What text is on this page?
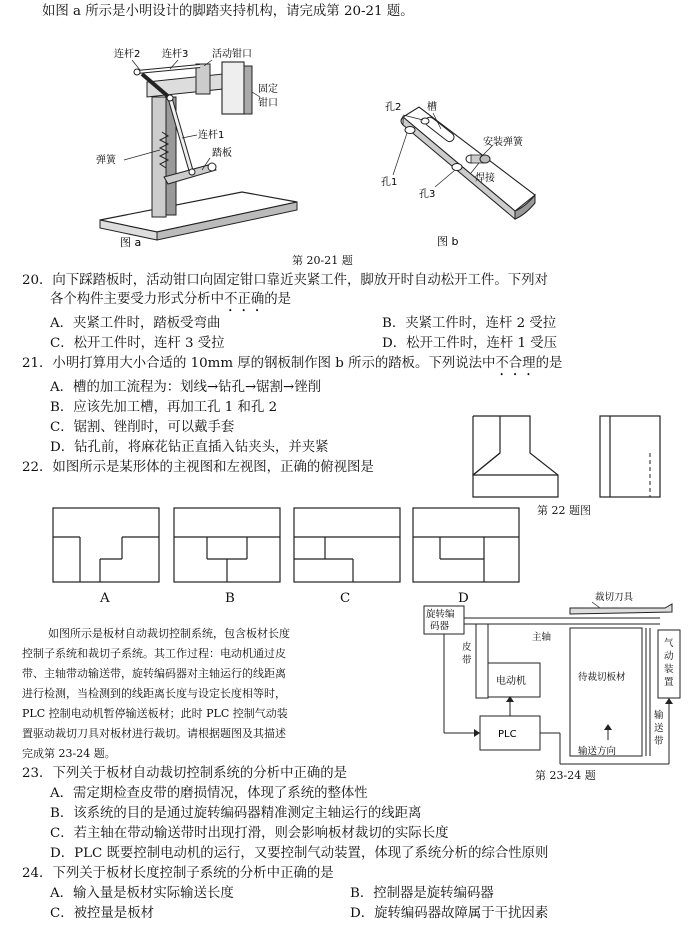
如图 a 所示是小明设计的脚踏夹持机构，请完成第 20-21 题。
连杆2 连杆3 活动钳口
固定
钳口
连杆1
弹簧
踏板
图 a
孔2	槽
安装弹簧
焊接
孔1
孔3
图 b
第 20-21 题
20．向下踩踏板时，活动钳口向固定钳口靠近夹紧工件，脚放开时自动松开工件。下列对
各个构件主要受力形式分析中不正确的是
A．夹紧工件时，踏板受弯曲	B．夹紧工件时，连杆 2 受拉
C．松开工件时，连杆 3 受拉	D．松开工件时，连杆 1 受压
21．小明打算用大小合适的 10mm 厚的钢板制作图 b 所示的踏板。下列说法中不合理的是
A．槽的加工流程为：划线→钻孔→锯割→锉削
B．应该先加工槽，再加工孔 1 和孔 2
C．锯割、锉削时，可以戴手套
D．钻孔前，将麻花钻正直插入钻夹头，并夹紧
22．如图所示是某形体的主视图和左视图，正确的俯视图是
第 22 题图
A	B	C	D
如图所示是板材自动裁切控制系统，包含板材长度
控制子系统和裁切子系统。其工作过程：电动机通过皮
带、主轴带动输送带，旋转编码器对主轴运行的线距离
进行检测，当检测到的线距离长度与设定长度相等时，
PLC 控制电动机暂停输送板材；此时 PLC 控制气动装
置驱动裁切刀具对板材进行裁切。请根据题图及其描述
完成第 23-24 题。
裁切刀具
旋转编
码器
主轴
皮
带
电动机	待裁切板材
气
动
装
置
输
送
带
PLC
输送方向
第 23-24 题
23．下列关于板材自动裁切控制系统的分析中正确的是
A．需定期检查皮带的磨损情况，体现了系统的整体性
B．该系统的目的是通过旋转编码器精准测定主轴运行的线距离
C．若主轴在带动输送带时出现打滑，则会影响板材裁切的实际长度
D．PLC 既要控制电动机的运行，又要控制气动装置，体现了系统分析的综合性原则
24．下列关于板材长度控制子系统的分析中正确的是
A．输入量是板材实际输送长度	B．控制器是旋转编码器
C．被控量是板材	D．旋转编码器故障属于干扰因素
